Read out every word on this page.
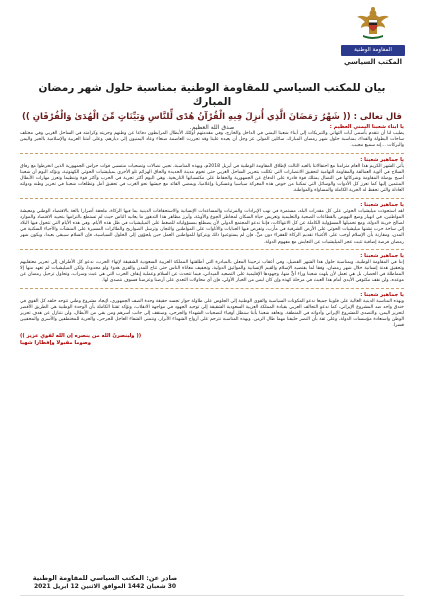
المقاومة الوطنية
المكتب السياسي
بيان للمكتب السياسي للمقاومة الوطنية بمناسبة حلول شهر رمضان المبارك
قال تعالى : (( شَهْرُ رَمَضَانَ الَّذِي أُنزِلَ فِيهِ الْقُرْآنُ هُدًى لِّلنَّاسِ وَبَيِّنَاتٍ مِّنَ الْهُدَىٰ وَالْفُرْقَانِ ))
صدق الله العظيم.	يا أبناء شعبنا اليمني العظيم :
يطيب لنا أن نتقدم بأسمى آيات التهاني والتبريكات إلى أبناء شعبنا اليمني في الداخل والخارج، وفي مقدمتهم أولئك الأبطال المرابطون دفاعا عن وطنهم وحريته وكرامته في الساحل الغربي وفي مختلف ساحات البطولة والفداء، بمناسبة حلول شهر رمضان المبارك، سائلين المولى عز وجل أن يعيده علينا وقد تحررت العاصمة صنعاء وعاد اليمنيون إلى ديارهم، وعلى أمتنا العربية والإسلامية بالخير واليمن والبركات ...إنه سميع مجيب.
يا جماهير شعبنا :
يأتي الشهر الكريم هذا العام متزامنا مع احتفالاتنا بالعيد الثالث لإطلاق المقاومة الوطنية في أبريل 2018م، وبهذه المناسبة، نحيي نضالات وتضحيات منتسبي قوات حراس الجمهورية الذين انخرطوا مع رفاق السلاح في ألوية العمالقة والمقاومة التهامية لتحقيق الانتصارات التي تكللت بتحرير الساحل الغربي حتى تخوم مدينة الحديدة والحاق الهزائم تلو الأخرى بميليشيات الحوثي الكهنوتية، ونؤكد اليوم أن شعبنا أصبح بوصلة المقاومة وشركائها في النضال يمتلك قوة قادرة على الدفاع عن الجمهورية والحفاظ على مكتسباتها التاريخية. وهي اليوم أكثر تجربة في الحرب وأكثر قوة وتنظيما وتعزز مهارات الأبطال المنتمين إليها كما تعزز كل الأدوات والوسائل التي تمكننا من خوض هذه المعركة سياسيا وعسكريا وإعلاميا، ويمضي القائد مع جيشها نحو الغرب في تحقيق أمل وتطلعات شعبنا في تحرير وطنه ودولته العادلة والتي تحفظ له الحرية الكاملة والمساواة والمواطنة.
يا جماهير شعبنا :
لقد استحوذت ميليشيات الحوثي على كل مقدرات البلد، مستمرة في نهب الإيرادات والمرتبات والمساعدات الإنسانية والاستحقاقات الدينية بما فيها الزكاة، ملحقة أضرارا بالغة بالاقتصاد الوطني ومعيشة المواطنين، في انهيار وضع النهوض بالقطاعات الصحية والتعليمية وتعريض حياة السكان لمخاطر الجوع والأوبئة، وأبرز مظاهر هذا التدهور ما يعانيه الناس حيث لم تستطع بالتزامها بتحييد الاقتصاد والموارد لصالح خزينة الدولة، ومع تحميلها المسؤولية الكاملة عن كل الانتهاكات، فإننا ندعو المجتمع الدولي لأن يضطلع بمسؤولياته للضغط على الميليشيات في ظل هذه الأيام. وفي هذه الأيام التي تتحول فيها البلاد إلى ساحة حرب تشنها ميليشيات الحوثي على الأرض الشرقية في مأرب، وتفرض فيها الجبايات والأتاوات على المواطنين والتجار، وترسل الصواريخ والطائرات المسيرة على المنشآت والأحياء السكنية في المدن، ومقارنة بأن الإسلام أوجب على الأغنياء تقديم الزكاة للفقراء دون منٍّ، فإن لم يستوعبوا ذلك ويتركوا للمواطنين العمل حين يلجؤون إلى الحلول السياسية، فإن السلام سيبقى بعيدا، ويكون شهر رمضان فرصة إضافية تثبت عجز الميليشيات عن التعايش مع مفهوم الدولة.
يا جماهير شعبنا :
إننا في المقاومة الوطنية، وبمناسبة حلول هذا الشهر الفضيل، وفي أعقاب ترحيبنا المعلن بالمبادرة التي أطلقتها المملكة العربية السعودية الشقيقة لإنهاء الحرب، ندعو كل الأطراف إلى تحرير معتقليهم وتحقيق هدنة إنسانية خلال شهر رمضان، وفقا لما يقتضيه الإسلام والقيم الإنسانية والمواثيق الدولية، وتخفيف معاناة الناس حتى تتاح للمدن والقرى هدوء ولو محدودا، ولكن الميليشيات لم تعهد منها إلا المماطلة في الحصار، بل هي تعمل لأن يلهث شعبنا وراء أيٍّ منها، وجهودها الإقليمية على التصعيد الميداني، فيما تتحدث عن السلام وعملية إيقاف الحرب التي هي عبث وسراب، وتحاول ترحيل رمضان عن موعده، ولن نقف مكتوفي الأيدي أمام هذا العبث في مرحلة كهذه وإن كان ليس من الخيار الأولي، فإن أي محاولات التعدي على أرضنا وعرضنا فسوف نتصدى لها.
يا جماهير شعبنا :
وبهذه المناسبة الدينية الغالية على قلوبنا جميعا ندعو المكونات السياسية والقوى الوطنية إلى الجلوس على طاولة حوار تجسد حقيقة وحدة الصف الجمهوري، لإيجاد مشروع وطني تتوحد خلفه كل القوى في خندق واحد ضد المشروع الإيراني، كما ندعو التحالف العربي بقيادة المملكة العربية السعودية الشقيقة إلى توحيد الجهود في مواجهة الانقلاب، ونؤكد ثقتنا الكاملة بأن الوحدة الوطنية هي الطريق الأقصر لتحرير اليمن، والتصدي للمشروع الإيراني وأدواته في المنطقة. ونعاهد شعبنا بأننا سنظل أوفياء لتضحيات الشهداء والجرحى، وسنقف إلى جانب أسرهم ومن بقي من الأبطال، ولن نتنازل عن هدف تحرير الوطن واستعادة مؤسسات الدولة، وعلى ثقة بأن النصر حليفنا مهما طال الزمن. وبهذه المناسبة نترحم على أرواح الشهداء الأبرار، ونتمنى الشفاء العاجل للجرحى، والحرية للمختطفين والأسرى والمخفيين قسرا.
(( ولينصرنّ الله من ينصره إن الله لقوي عزيز ))
وصوما مقبولا وإفطارا شهيا
صادر عن: المكتب السياسي للمقاومة الوطنية
30 شعبان 1442 الموافق الاثنين 12 ابريل 2021
